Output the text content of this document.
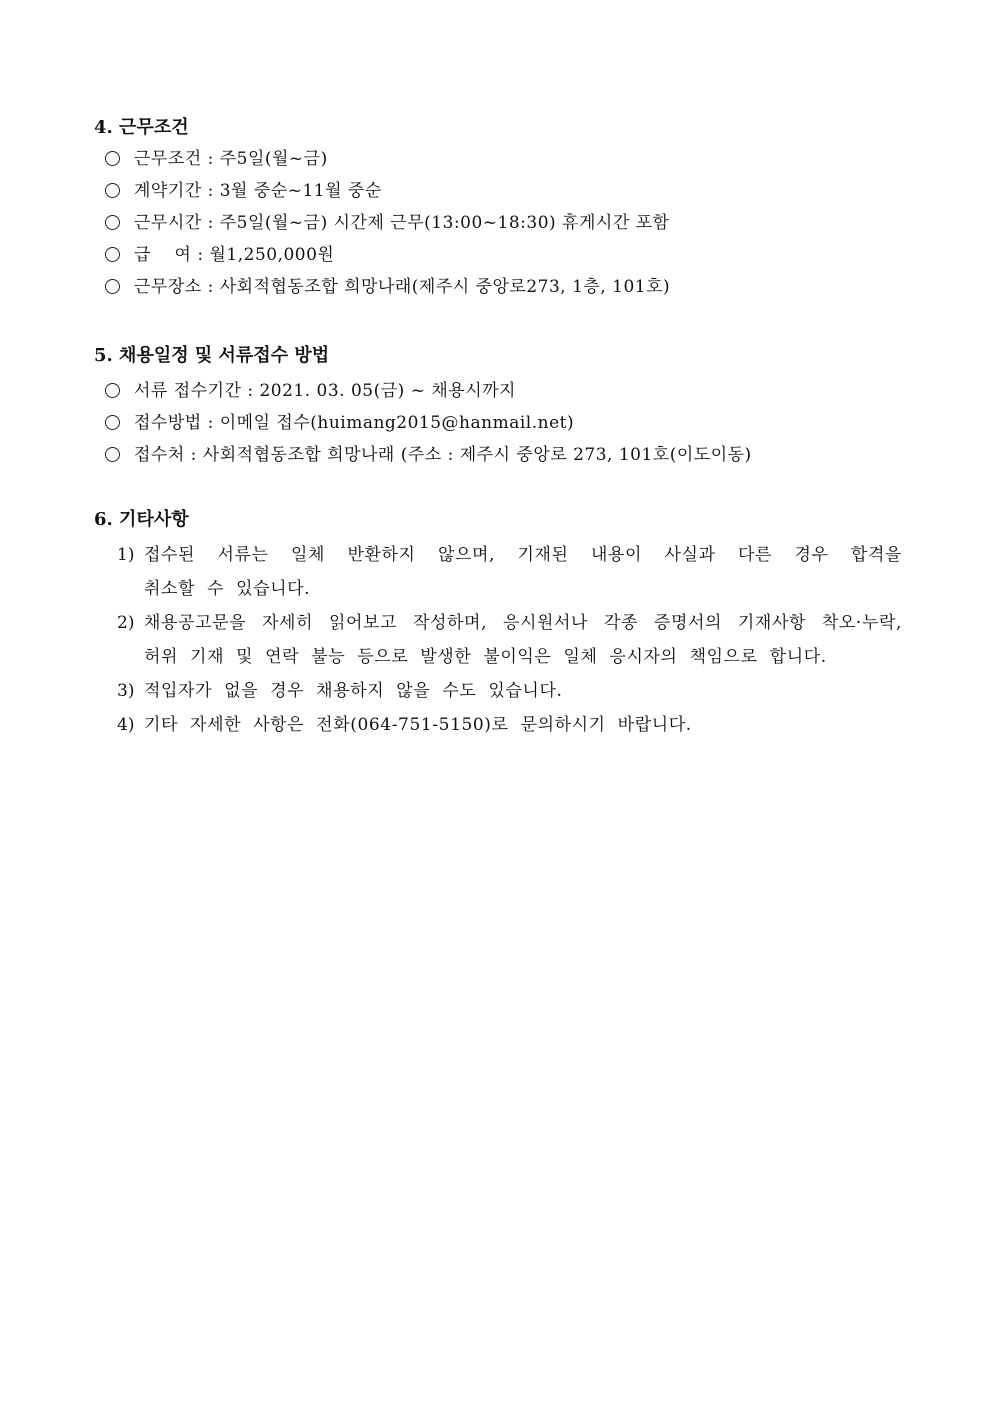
4. 근무조건
근무조건 : 주5일(월~금)
계약기간 : 3월 중순~11월 중순
근무시간 : 주5일(월~금) 시간제 근무(13:00~18:30) 휴게시간 포함
급    여 : 월1,250,000원
근무장소 : 사회적협동조합 희망나래(제주시 중앙로273, 1층, 101호)
5. 채용일정 및 서류접수 방법
서류 접수기간 : 2021. 03. 05(금) ~ 채용시까지
접수방법 : 이메일 접수(huimang2015@hanmail.net)
접수처 : 사회적협동조합 희망나래 (주소 : 제주시 중앙로 273, 101호(이도이동)
6. 기타사항
1) 접수된 서류는 일체 반환하지 않으며, 기재된 내용이 사실과 다른 경우 합격을
취소할 수 있습니다.
2) 채용공고문을 자세히 읽어보고 작성하며, 응시원서나 각종 증명서의 기재사항 착오·누락,
허위 기재 및 연락 불능 등으로 발생한 불이익은 일체 응시자의 책임으로 합니다.
3) 적입자가 없을 경우 채용하지 않을 수도 있습니다.
4) 기타 자세한 사항은 전화(064-751-5150)로 문의하시기 바랍니다.
